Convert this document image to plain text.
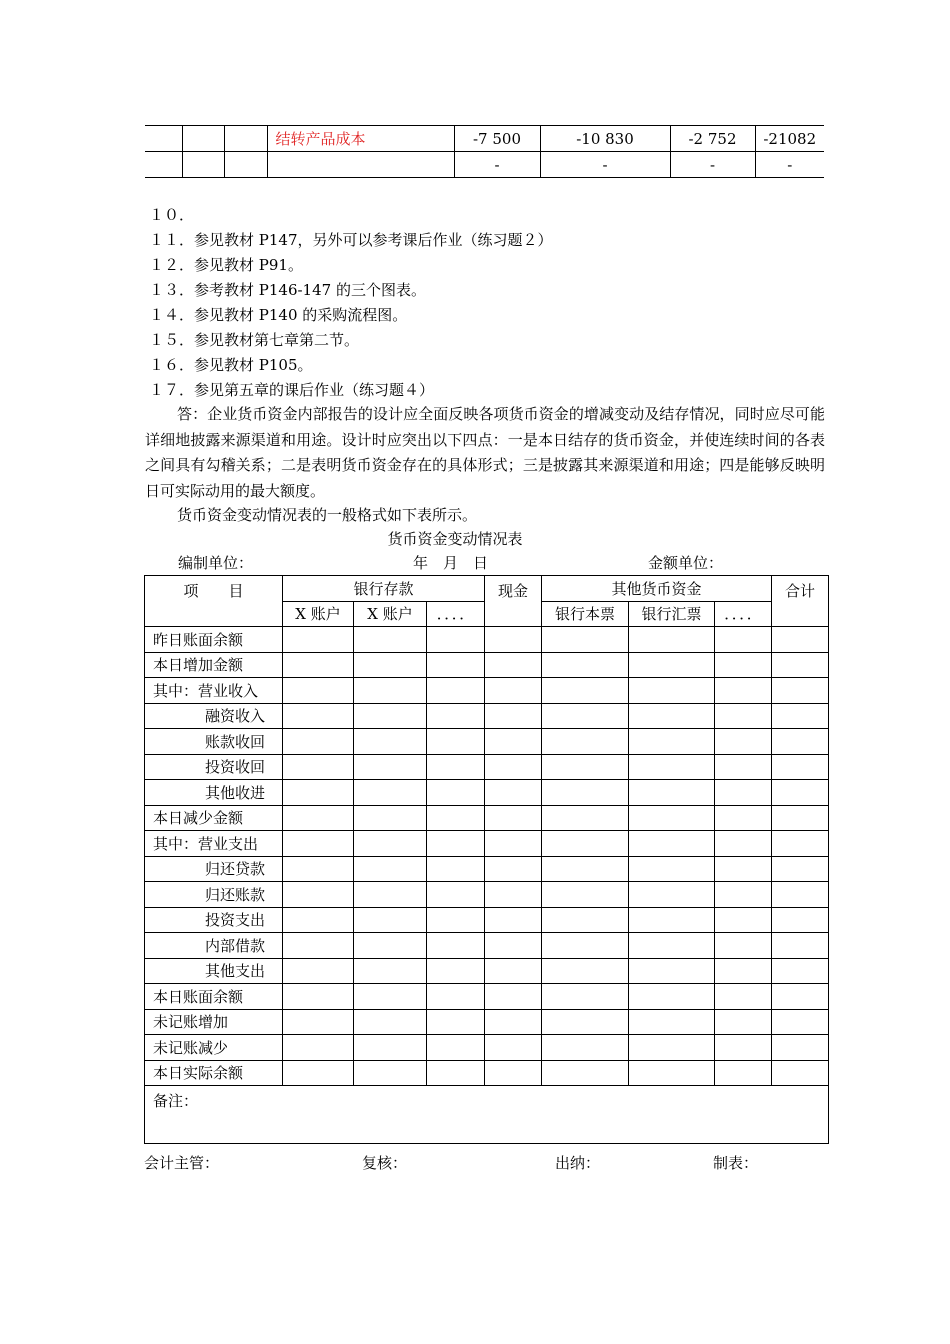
			结转产品成本	-7 500	-10 830	-2 752	-21082
				-	-	-	-
１０．
１１．参见教材 P147，另外可以参考课后作业（练习题２）
１２．参见教材 P91。
１３．参考教材 P146-147 的三个图表。
１４．参见教材 P140 的采购流程图。
１５．参见教材第七章第二节。
１６．参见教材 P105。
１７．参见第五章的课后作业（练习题４）
答：企业货币资金内部报告的设计应全面反映各项货币资金的增减变动及结存情况，同时应尽可能详细地披露来源渠道和用途。设计时应突出以下四点：一是本日结存的货币资金，并使连续时间的各表之间具有勾稽关系；二是表明货币资金存在的具体形式；三是披露其来源渠道和用途；四是能够反映明日可实际动用的最大额度。
货币资金变动情况表的一般格式如下表所示。
货币资金变动情况表
编制单位：	年　月　日	金额单位：
项　　目	银行存款			现金	其他货币资金			合计
	X 账户	X 账户	．．．．		银行本票	银行汇票	．．．．	
昨日账面余额								
本日增加金额								
其中：营业收入								
融资收入								
账款收回								
投资收回								
其他收进								
本日减少金额								
其中：营业支出								
归还贷款								
归还账款								
投资支出								
内部借款								
其他支出								
本日账面余额								
未记账增加								
未记账减少								
本日实际余额								
备注：								
会计主管：	复核：	出纳：	制表：
